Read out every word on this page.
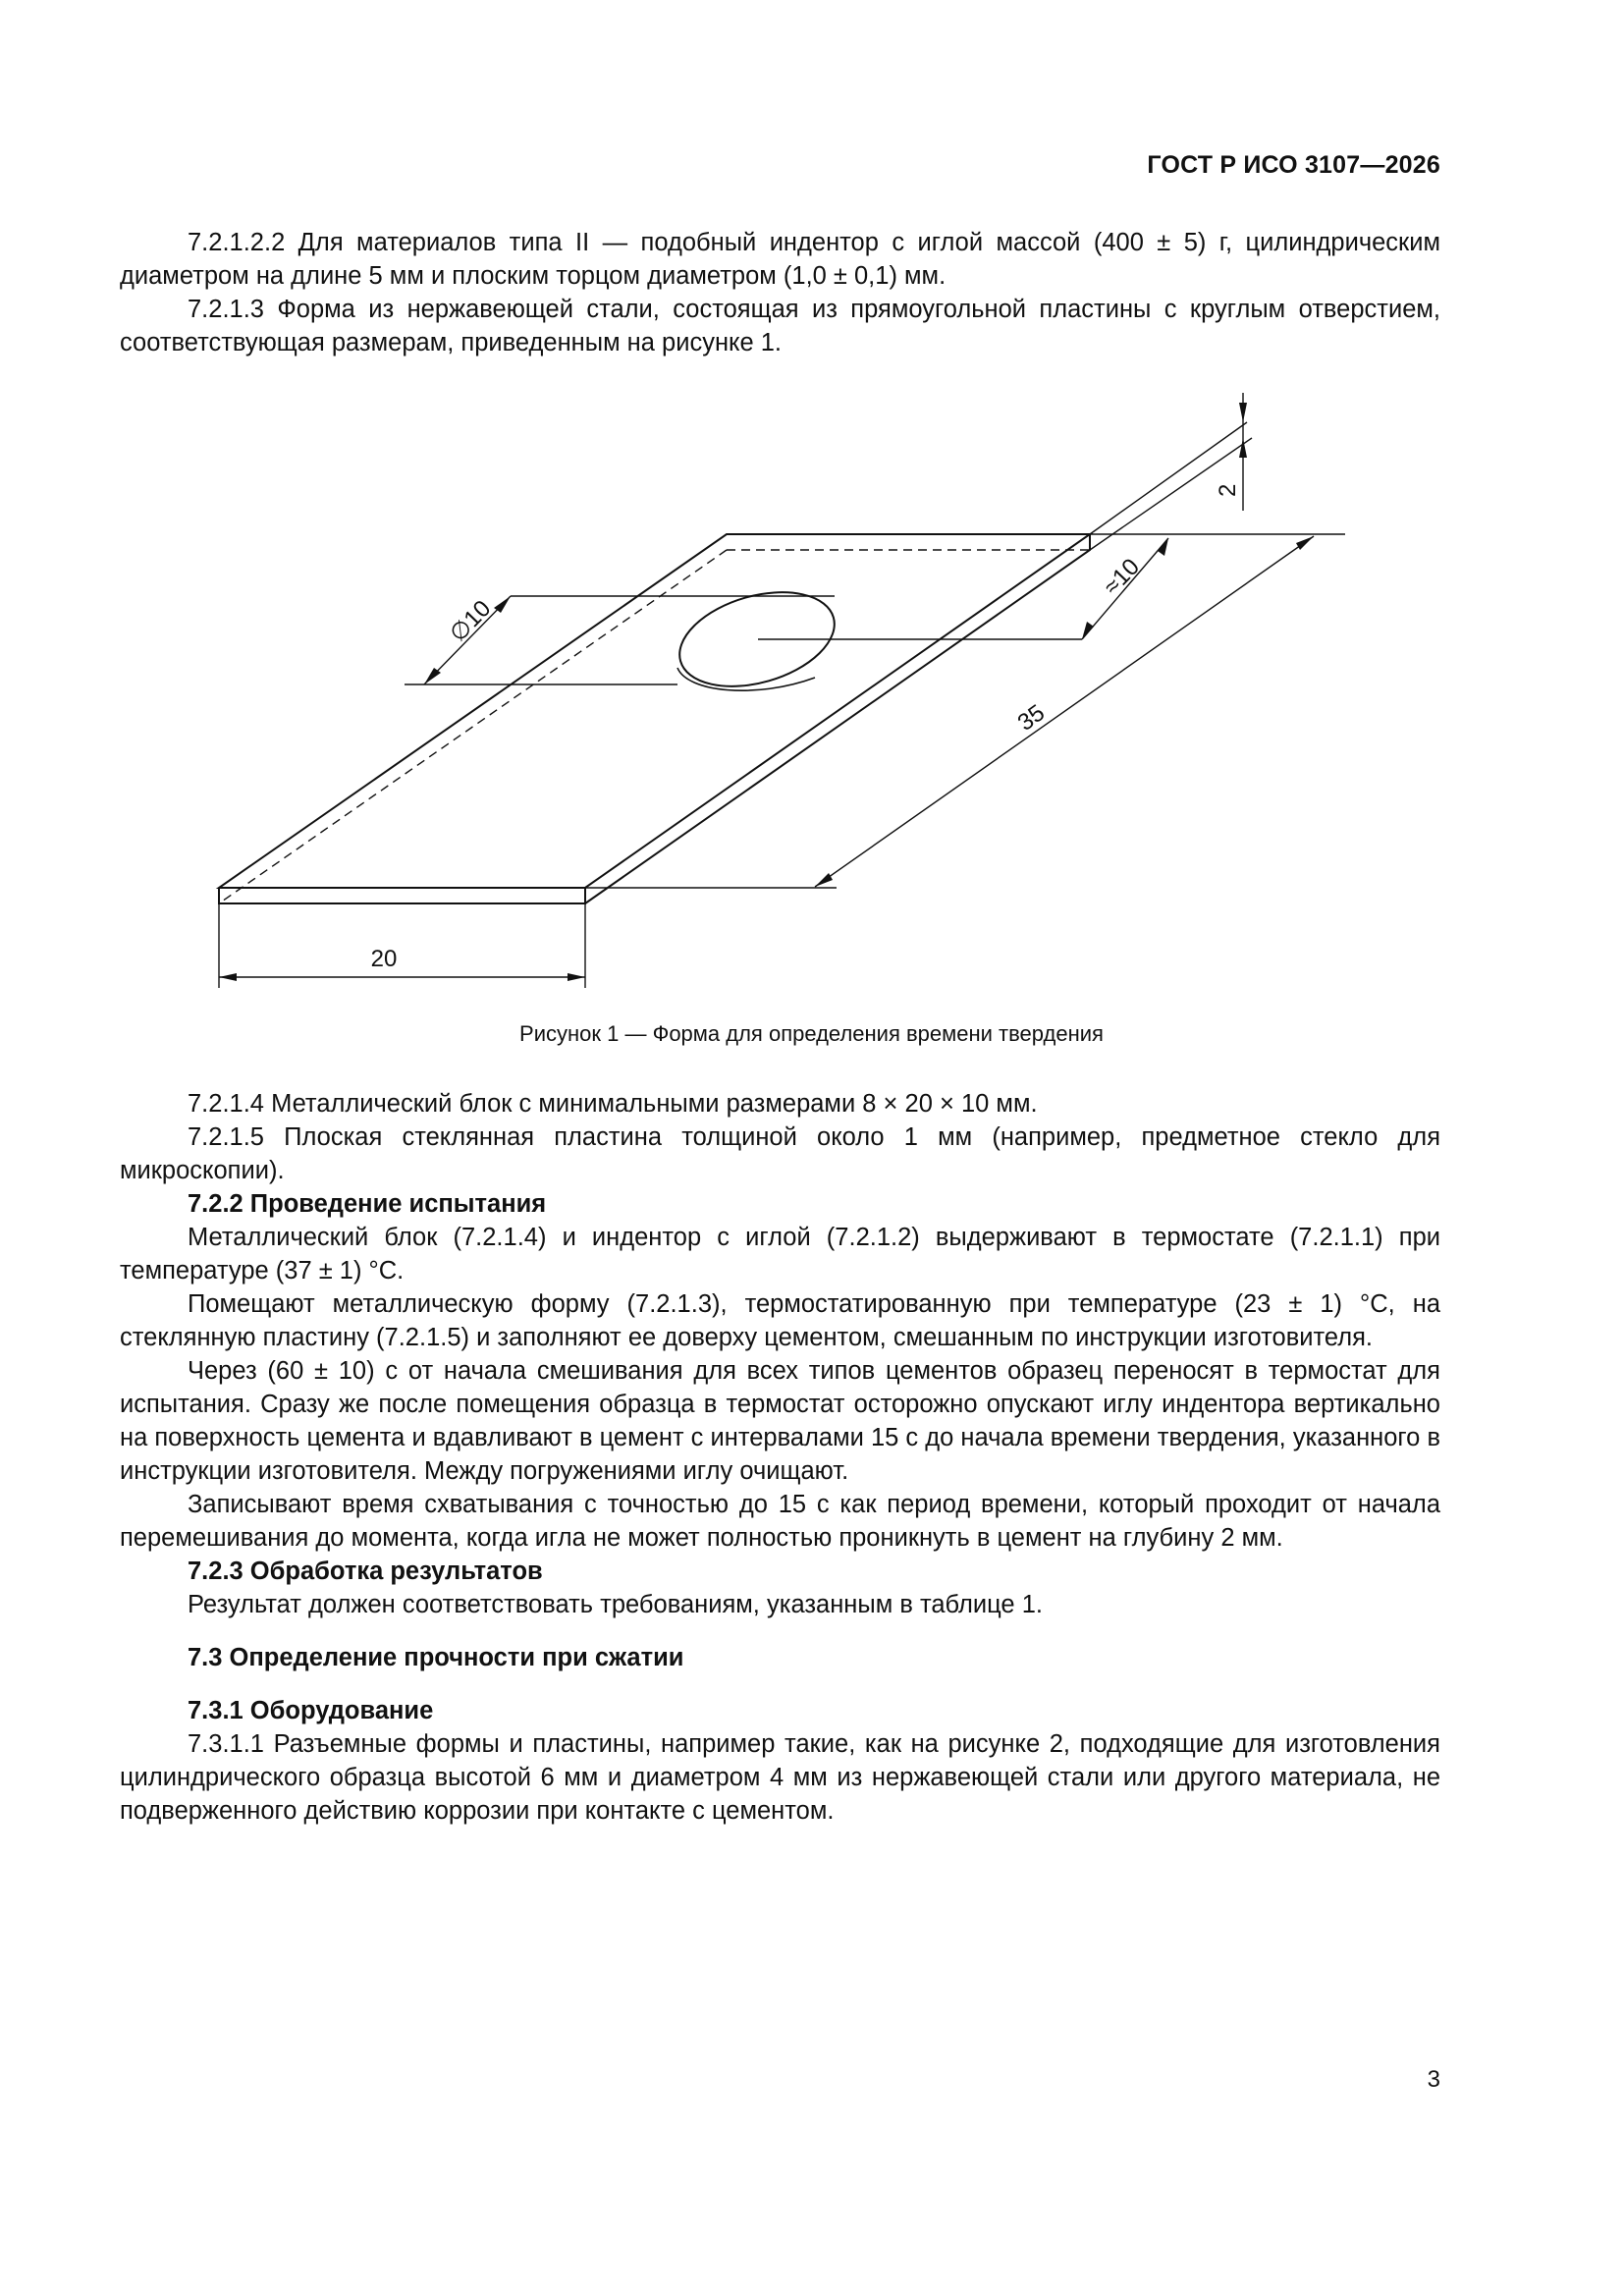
ГОСТ Р ИСО 3107—2026

7.2.1.2.2 Для материалов типа II — подобный индентор с иглой массой (400 ± 5) г, цилиндрическим диаметром на длине 5 мм и плоским торцом диаметром (1,0 ± 0,1) мм.

7.2.1.3 Форма из нержавеющей стали, состоящая из прямоугольной пластины с круглым отверстием, соответствующая размерам, приведенным на рисунке 1.

∅10
≈10
35
2
20
Рисунок 1 — Форма для определения времени твердения

7.2.1.4 Металлический блок с минимальными размерами 8 × 20 × 10 мм.

7.2.1.5 Плоская стеклянная пластина толщиной около 1 мм (например, предметное стекло для микроскопии).

7.2.2 Проведение испытания

Металлический блок (7.2.1.4) и индентор с иглой (7.2.1.2) выдерживают в термостате (7.2.1.1) при температуре (37 ± 1) °С.

Помещают металлическую форму (7.2.1.3), термостатированную при температуре (23 ± 1) °С, на стеклянную пластину (7.2.1.5) и заполняют ее доверху цементом, смешанным по инструкции изготовителя.

Через (60 ± 10) с от начала смешивания для всех типов цементов образец переносят в термостат для испытания. Сразу же после помещения образца в термостат осторожно опускают иглу индентора вертикально на поверхность цемента и вдавливают в цемент с интервалами 15 с до начала времени твердения, указанного в инструкции изготовителя. Между погружениями иглу очищают.

Записывают время схватывания с точностью до 15 с как период времени, который проходит от начала перемешивания до момента, когда игла не может полностью проникнуть в цемент на глубину 2 мм.

7.2.3 Обработка результатов

Результат должен соответствовать требованиям, указанным в таблице 1.

7.3 Определение прочности при сжатии

7.3.1 Оборудование

7.3.1.1 Разъемные формы и пластины, например такие, как на рисунке 2, подходящие для изготовления цилиндрического образца высотой 6 мм и диаметром 4 мм из нержавеющей стали или другого материала, не подверженного действию коррозии при контакте с цементом.

3
